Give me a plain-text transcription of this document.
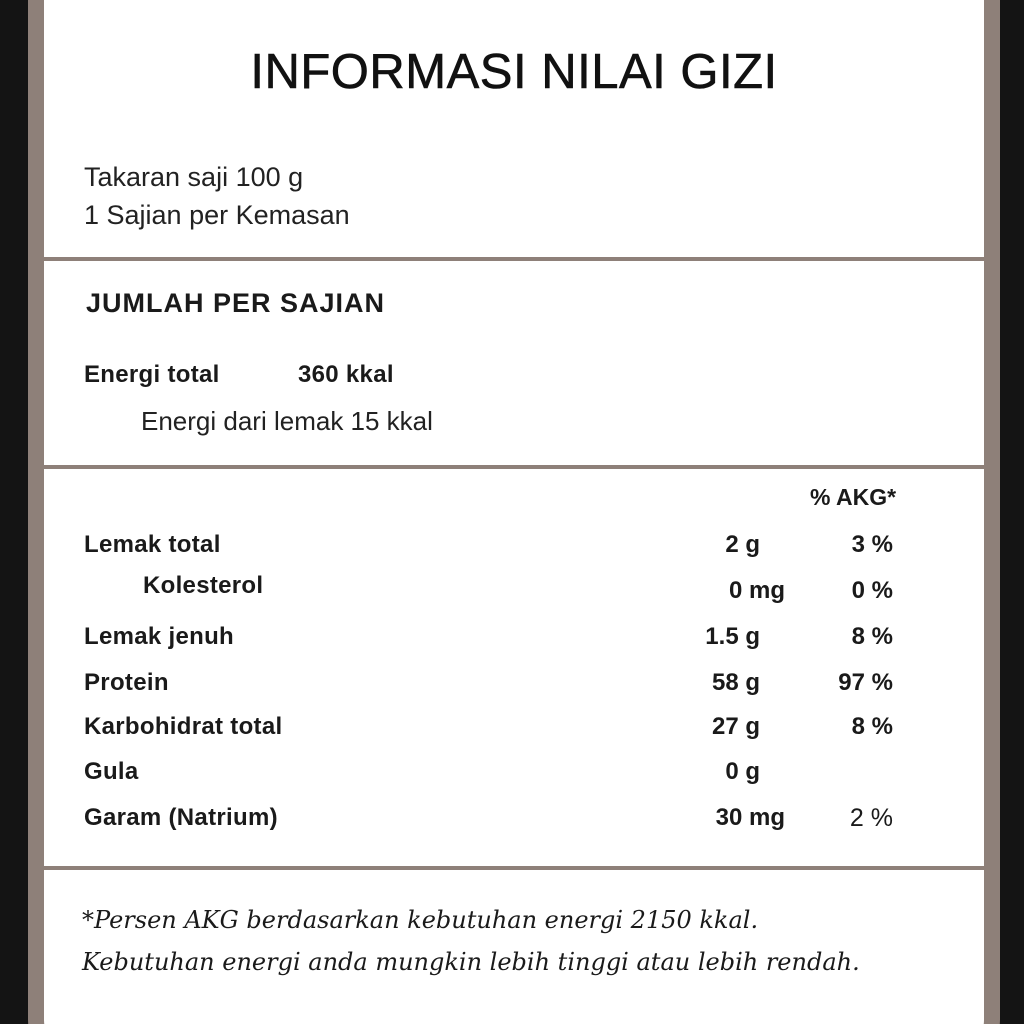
INFORMASI NILAI GIZI
Takaran saji 100 g
1 Sajian per Kemasan
JUMLAH PER SAJIAN
Energi total	360 kkal
Energi dari lemak 15 kkal
% AKG*
Lemak total	2 g	3 %
Kolesterol	0 mg	0 %
Lemak jenuh	1.5 g	8 %
Protein	58 g	97 %
Karbohidrat total	27 g	8 %
Gula	0 g
Garam (Natrium)	30 mg	2 %
*Persen AKG berdasarkan kebutuhan energi 2150 kkal.
Kebutuhan energi anda mungkin lebih tinggi atau lebih rendah.
